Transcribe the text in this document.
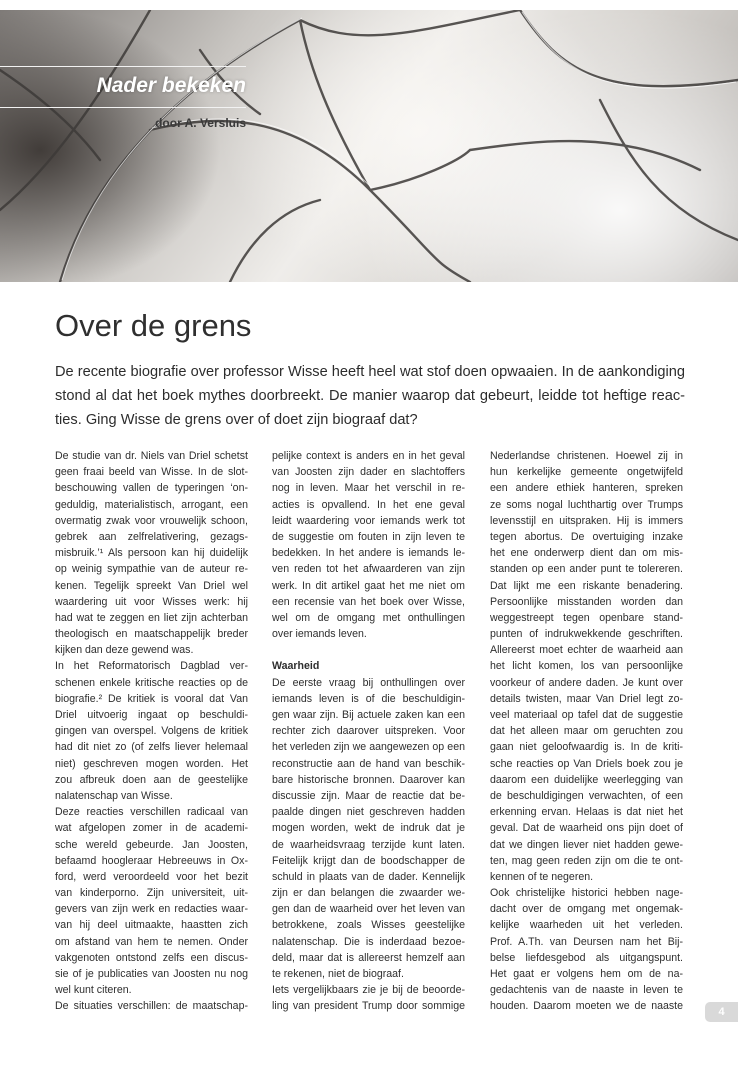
Nader bekeken
door A. Versluis
Over de grens

De recente biografie over professor Wisse heeft heel wat stof doen opwaaien. In de aankondiging
stond al dat het boek mythes doorbreekt. De manier waarop dat gebeurt, leidde tot heftige reac-
ties. Ging Wisse de grens over of doet zijn biograaf dat?

De studie van dr. Niels van Driel schetst
geen fraai beeld van Wisse. In de slot-
beschouwing vallen de typeringen ‘on-
geduldig, materialistisch, arrogant, een
overmatig zwak voor vrouwelijk schoon,
gebrek aan zelfrelativering, gezags-
misbruik.’¹ Als persoon kan hij duidelijk
op weinig sympathie van de auteur re-
kenen. Tegelijk spreekt Van Driel wel
waardering uit voor Wisses werk: hij
had wat te zeggen en liet zijn achterban
theologisch en maatschappelijk breder
kijken dan deze gewend was.
In het Reformatorisch Dagblad ver-
schenen enkele kritische reacties op de
biografie.² De kritiek is vooral dat Van
Driel uitvoerig ingaat op beschuldi-
gingen van overspel. Volgens de kritiek
had dit niet zo (of zelfs liever helemaal
niet) geschreven mogen worden. Het
zou afbreuk doen aan de geestelijke
nalatenschap van Wisse.
Deze reacties verschillen radicaal van
wat afgelopen zomer in de academi-
sche wereld gebeurde. Jan Joosten,
befaamd hoogleraar Hebreeuws in Ox-
ford, werd veroordeeld voor het bezit
van kinderporno. Zijn universiteit, uit-
gevers van zijn werk en redacties waar-
van hij deel uitmaakte, haastten zich
om afstand van hem te nemen. Onder
vakgenoten ontstond zelfs een discus-
sie of je publicaties van Joosten nu nog
wel kunt citeren.
De situaties verschillen: de maatschap-
pelijke context is anders en in het geval
van Joosten zijn dader en slachtoffers
nog in leven. Maar het verschil in re-
acties is opvallend. In het ene geval
leidt waardering voor iemands werk tot
de suggestie om fouten in zijn leven te
bedekken. In het andere is iemands le-
ven reden tot het afwaarderen van zijn
werk. In dit artikel gaat het me niet om
een recensie van het boek over Wisse,
wel om de omgang met onthullingen
over iemands leven.
Waarheid
De eerste vraag bij onthullingen over
iemands leven is of die beschuldigin-
gen waar zijn. Bij actuele zaken kan een
rechter zich daarover uitspreken. Voor
het verleden zijn we aangewezen op een
reconstructie aan de hand van beschik-
bare historische bronnen. Daarover kan
discussie zijn. Maar de reactie dat be-
paalde dingen niet geschreven hadden
mogen worden, wekt de indruk dat je
de waarheidsvraag terzijde kunt laten.
Feitelijk krijgt dan de boodschapper de
schuld in plaats van de dader. Kennelijk
zijn er dan belangen die zwaarder we-
gen dan de waarheid over het leven van
betrokkene, zoals Wisses geestelijke
nalatenschap. Die is inderdaad bezoe-
deld, maar dat is allereerst hemzelf aan
te rekenen, niet de biograaf.
Iets vergelijkbaars zie je bij de beoorde-
ling van president Trump door sommige
Nederlandse christenen. Hoewel zij in
hun kerkelijke gemeente ongetwijfeld
een andere ethiek hanteren, spreken
ze soms nogal luchthartig over Trumps
levensstijl en uitspraken. Hij is immers
tegen abortus. De overtuiging inzake
het ene onderwerp dient dan om mis-
standen op een ander punt te tolereren.
Dat lijkt me een riskante benadering.
Persoonlijke misstanden worden dan
weggestreept tegen openbare stand-
punten of indrukwekkende geschriften.
Allereerst moet echter de waarheid aan
het licht komen, los van persoonlijke
voorkeur of andere daden. Je kunt over
details twisten, maar Van Driel legt zo-
veel materiaal op tafel dat de suggestie
dat het alleen maar om geruchten zou
gaan niet geloofwaardig is. In de kriti-
sche reacties op Van Driels boek zou je
daarom een duidelijke weerlegging van
de beschuldigingen verwachten, of een
erkenning ervan. Helaas is dat niet het
geval. Dat de waarheid ons pijn doet of
dat we dingen liever niet hadden gewe-
ten, mag geen reden zijn om die te ont-
kennen of te negeren.
Ook christelijke historici hebben nage-
dacht over de omgang met ongemak-
kelijke waarheden uit het verleden.
Prof. A.Th. van Deursen nam het Bij-
belse liefdesgebod als uitgangspunt.
Het gaat er volgens hem om de na-
gedachtenis van de naaste in leven te
houden. Daarom moeten we de naaste	4
